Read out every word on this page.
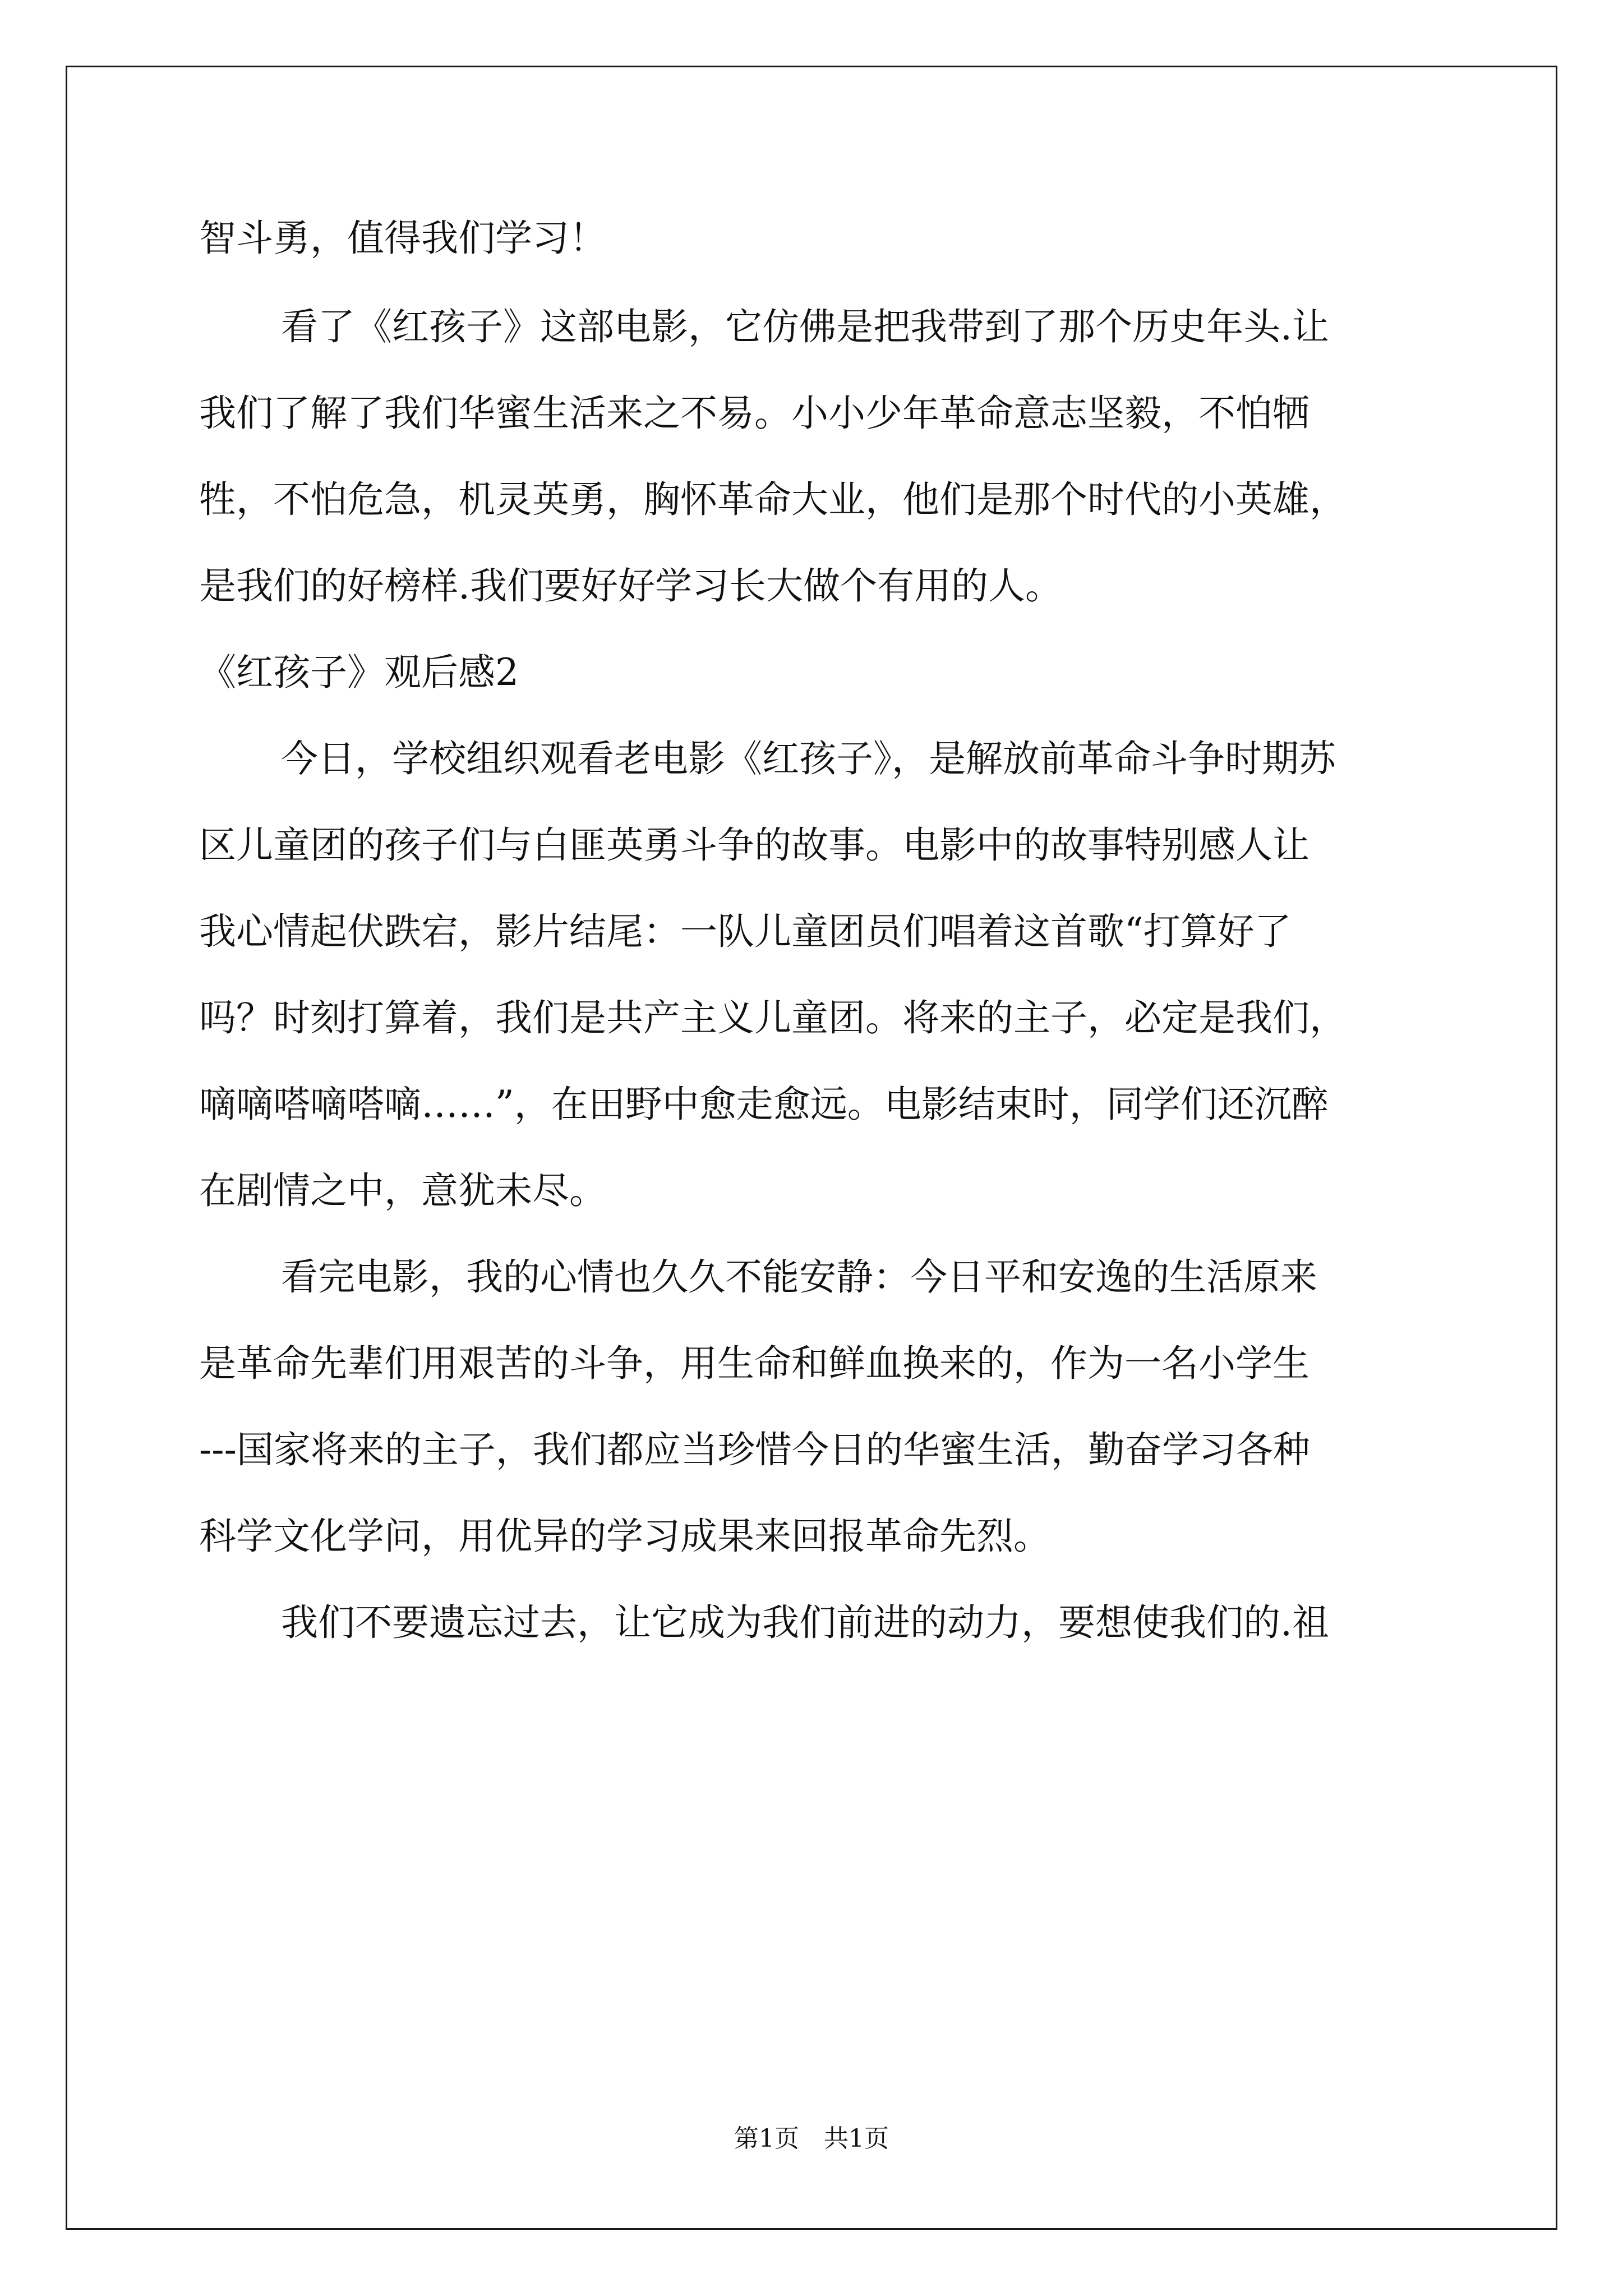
智斗勇，值得我们学习！
看了《红孩子》这部电影，它仿佛是把我带到了那个历史年头.让
我们了解了我们华蜜生活来之不易。小小少年革命意志坚毅，不怕牺
牲，不怕危急，机灵英勇，胸怀革命大业，他们是那个时代的小英雄，
是我们的好榜样.我们要好好学习长大做个有用的人。
《红孩子》观后感2
今日，学校组织观看老电影《红孩子》，是解放前革命斗争时期苏
区儿童团的孩子们与白匪英勇斗争的故事。电影中的故事特别感人让
我心情起伏跌宕，影片结尾：一队儿童团员们唱着这首歌“打算好了
吗？时刻打算着，我们是共产主义儿童团。将来的主子，必定是我们，
嘀嘀嗒嘀嗒嘀……”，在田野中愈走愈远。电影结束时，同学们还沉醉
在剧情之中，意犹未尽。
看完电影，我的心情也久久不能安静：今日平和安逸的生活原来
是革命先辈们用艰苦的斗争，用生命和鲜血换来的，作为一名小学生
---国家将来的主子，我们都应当珍惜今日的华蜜生活，勤奋学习各种
科学文化学问，用优异的学习成果来回报革命先烈。
我们不要遗忘过去，让它成为我们前进的动力，要想使我们的.祖
第1页　共1页
